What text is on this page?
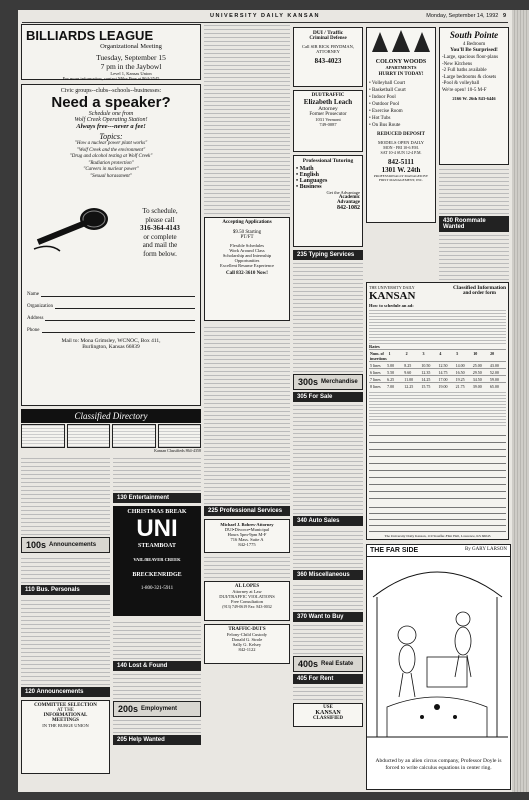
UNIVERSITY DAILY KANSAN	Monday, September 14, 1992 9
BILLIARDS LEAGUE
Organizational Meeting
Tuesday, September 15
7 pm in the Jaybowl
Level 1, Kansas Union
For more information, contact Mike Fine at 864-3545
Civic groups--clubs--schools--businesses:
Need a speaker?
Schedule one from
Wolf Creek Operating Station!
Always free---never a fee!
Topics:
"How a nuclear power plant works"
"Wolf Creek and the environment"
"Drug and alcohol testing at Wolf Creek"
"Radiation protection"
"Careers in nuclear power"
"Sexual harassment"
To schedule,
please call
316-364-4143
or complete
and mail the
form below.
Name
Organization
Address
Phone
Mail to: Mona Grimsley, WCNOC, Box 411,
Burlington, Kansas 66839
Classified Directory
Kansan Classifieds 864-4358
100s Announcements
110 Bus. Personals
120 Announcements
COMMITTEE SELECTION
AT THE
INFORMATIONAL
MEETINGS
IN THE BURGE UNION
130 Entertainment
CHRISTMAS BREAK
UNI
STEAMBOAT
VAIL/BEAVER CREEK
BRECKENRIDGE
1-800-321-5911
140 Lost & Found
200s Employment
205 Help Wanted
Accepting Applications
$9.50 Starting
PT/FT
Flexible Schedules
Work Around Class
Scholarship and Internship
Opportunities
Excellent Resume Experience
Call 832-3610 Now!
225 Professional Services
Michael J. Bohres-Attorney
DUI•Divorce•Municipal
Hours 5pm-9pm M-F
716 Mass. Suite A
842-1775
AL LOPES
Attorney at Law
DUI/TRAFFIC VIOLATIONS
Free Consultation
(913) 749-0619 Fax: 843-0032
TRAFFIC-DUI'S
Felony-Child Custody
Donald G. Strole
Sally G. Kelsey
842-1122
DUI / Traffic
Criminal Defense
Call SIR RICK FRYDMAN, ATTORNEY
843-4023
DUI/TRAFFIC
Elizabeth Leach
Attorney
Former Prosecutor
1031 Vermont
749-0087
Professional Tutoring
• Math
• English
• Languages
• Business
Get the Advantage
Academic
Advantage
842-1082
235 Typing Services
300s Merchandise
305 For Sale
340 Auto Sales
360 Miscellaneous
370 Want to Buy
400s Real Estate
405 For Rent
USE
KANSAN
CLASSIFIED
COLONY WOODS
APARTMENTS
HURRY IN TODAY!
• Volleyball Court
• Basketball Court
• Indoor Pool
• Outdoor Pool
• Exercise Room
• Hot Tubs
• On Bus Route
REDUCED DEPOSIT
MODELS OPEN DAILY
MON - FRI 10-6 P.M.
SAT 10-4 SUN 12-4 P.M.
842-5111
1301 W. 24th
PROFESSIONALLY MANAGED BY FIRST MANAGEMENT, INC.
South Pointe
4 Bedroom
You'll Be Surprised!
-Large, spacious floor-plans
-New Kitchens
-2 Full baths available
-Large bedrooms & closets
-Pool & volleyball
We're open! 10-5 M-F
2166 W. 26th 843-6446
430 Roommate Wanted
THE UNIVERSITY DAILY
KANSAN
Classified Information
and order form
How to schedule an ad:
Rates
Num. of insertions
1	2	3	4	5	10	20
5 lines	5.00	8.25	10.50	12.50	14.00	25.00	43.00
6 lines	5.50	9.60	12.35	14.75	16.50	29.50	52.00
7 lines	6.25	11.00	14.25	17.00	19.25	34.50	59.00
8 lines	7.00	12.25	15.75	19.00	21.75	39.00	65.00
The University Daily Kansan, 119 Stauffer-Flint Hall, Lawrence, KS 66045
THE FAR SIDE	By GARY LARSON
Abducted by an alien circus company, Professor Doyle is forced to write calculus equations in center ring.
